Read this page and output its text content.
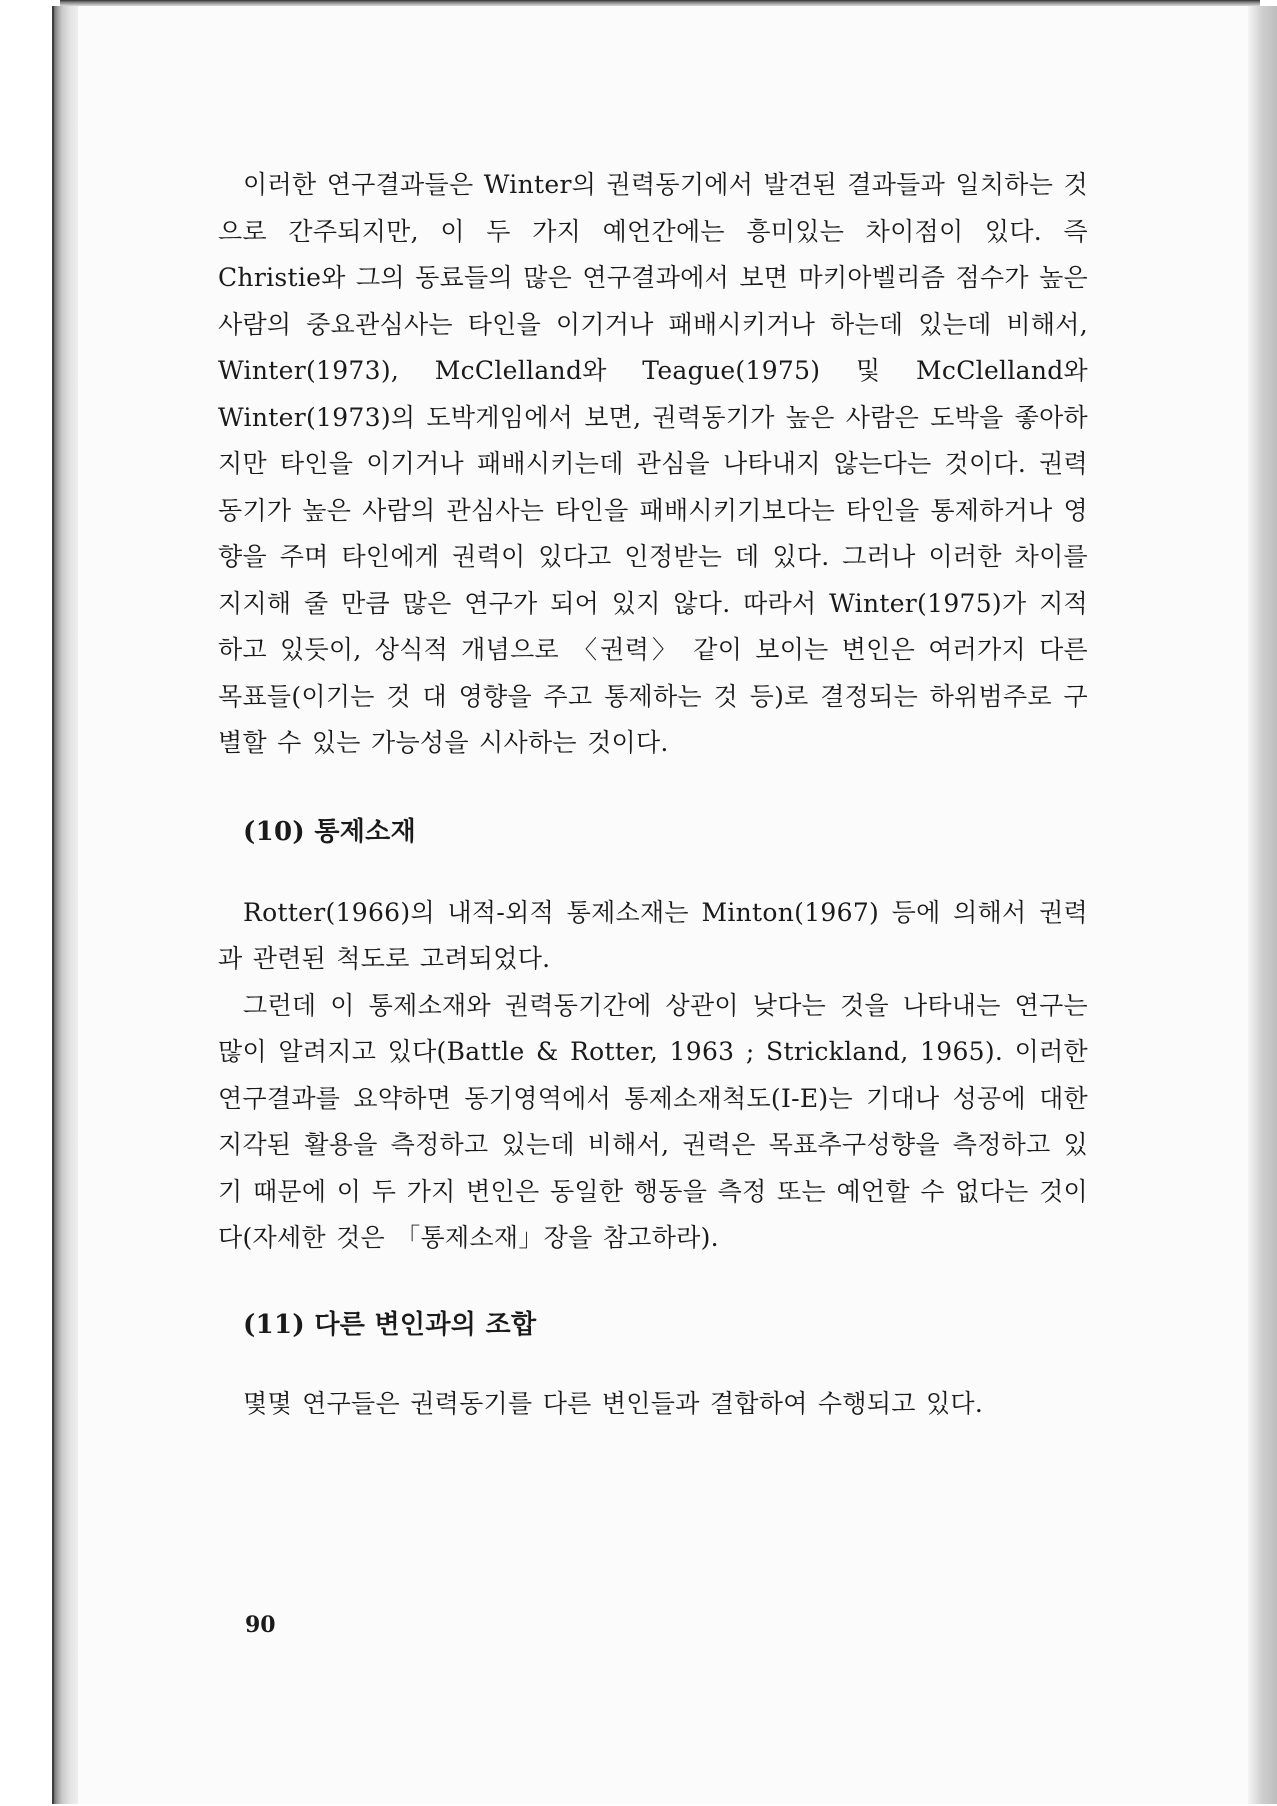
이러한 연구결과들은 Winter의 권력동기에서 발견된 결과들과 일치하는 것으로 간주되지만, 이 두 가지 예언간에는 흥미있는 차이점이 있다. 즉 Christie와 그의 동료들의 많은 연구결과에서 보면 마키아벨리즘 점수가 높은 사람의 중요관심사는 타인을 이기거나 패배시키거나 하는데 있는데 비해서, Winter(1973), McClelland와 Teague(1975) 및 McClelland와 Winter(1973)의 도박게임에서 보면, 권력동기가 높은 사람은 도박을 좋아하지만 타인을 이기거나 패배시키는데 관심을 나타내지 않는다는 것이다. 권력동기가 높은 사람의 관심사는 타인을 패배시키기보다는 타인을 통제하거나 영향을 주며 타인에게 권력이 있다고 인정받는 데 있다. 그러나 이러한 차이를 지지해 줄 만큼 많은 연구가 되어 있지 않다. 따라서 Winter(1975)가 지적하고 있듯이, 상식적 개념으로 〈권력〉 같이 보이는 변인은 여러가지 다른 목표들(이기는 것 대 영향을 주고 통제하는 것 등)로 결정되는 하위범주로 구별할 수 있는 가능성을 시사하는 것이다.

(10) 통제소재

Rotter(1966)의 내적-외적 통제소재는 Minton(1967) 등에 의해서 권력과 관련된 척도로 고려되었다.

그런데 이 통제소재와 권력동기간에 상관이 낮다는 것을 나타내는 연구는 많이 알려지고 있다(Battle & Rotter, 1963 ; Strickland, 1965). 이러한 연구결과를 요약하면 동기영역에서 통제소재척도(I-E)는 기대나 성공에 대한 지각된 활용을 측정하고 있는데 비해서, 권력은 목표추구성향을 측정하고 있기 때문에 이 두 가지 변인은 동일한 행동을 측정 또는 예언할 수 없다는 것이다(자세한 것은 「통제소재」장을 참고하라).

(11) 다른 변인과의 조합

몇몇 연구들은 권력동기를 다른 변인들과 결합하여 수행되고 있다.

90
